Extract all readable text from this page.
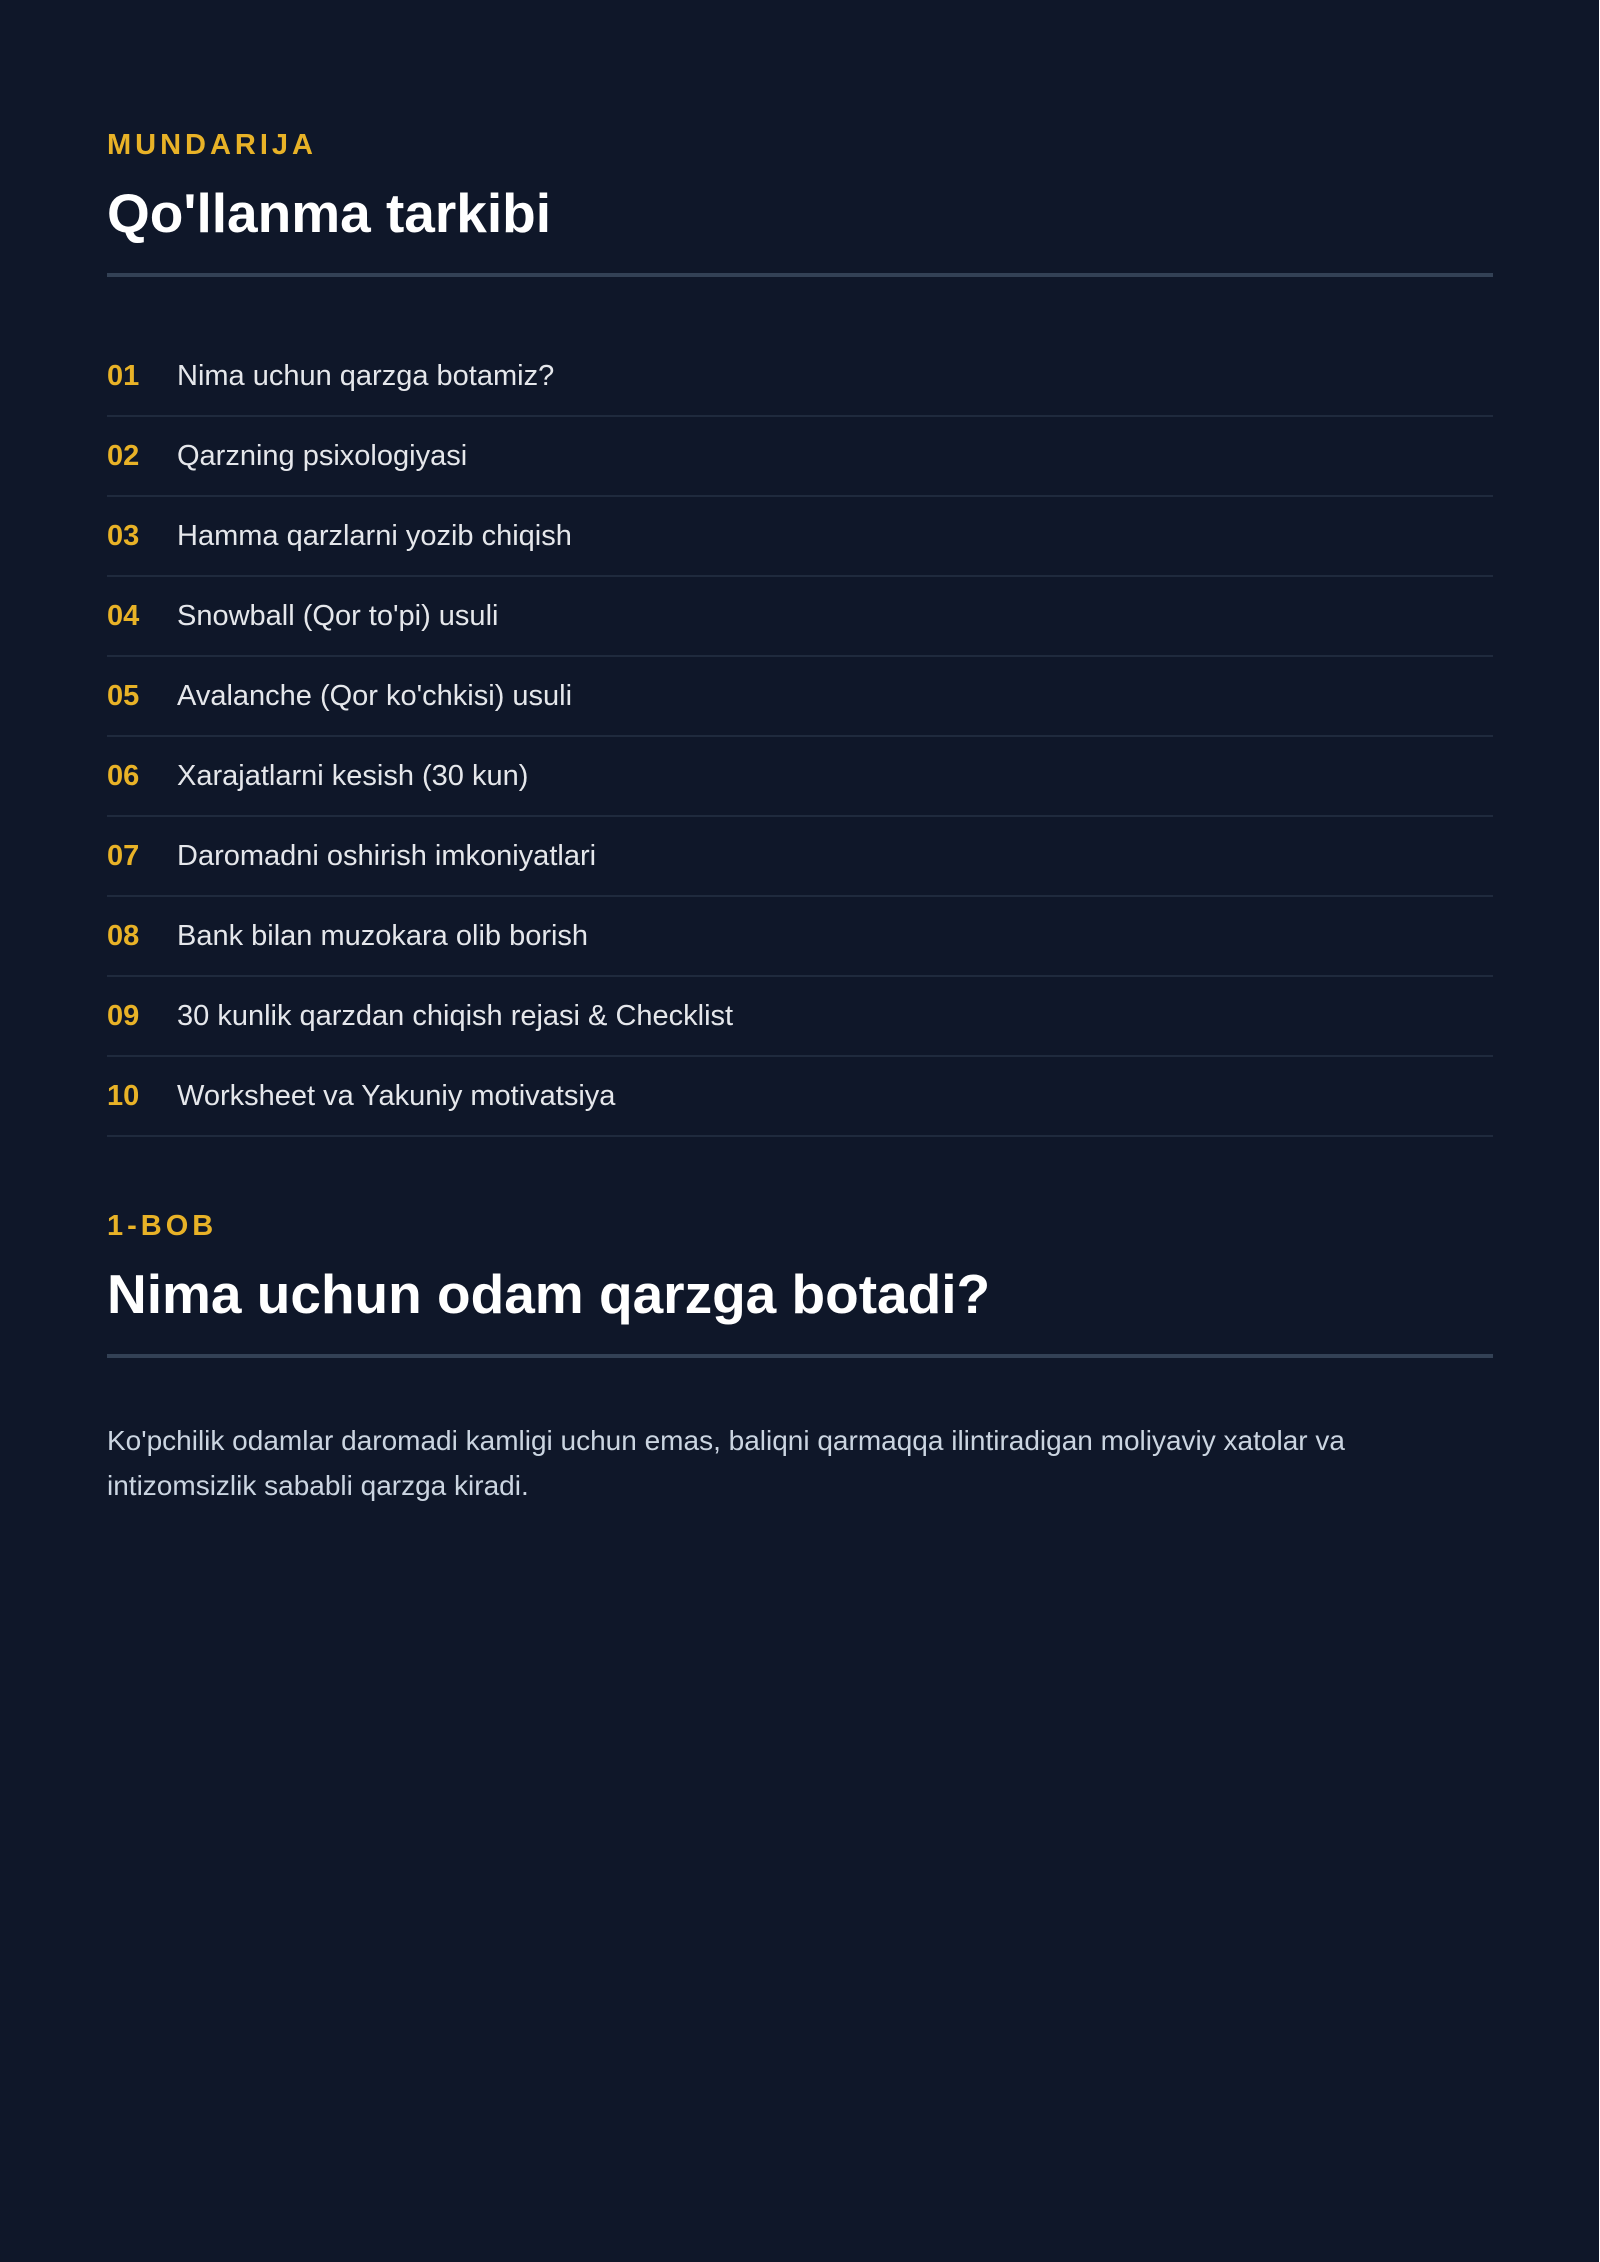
MUNDARIJA

Qo'llanma tarkibi
01	Nima uchun qarzga botamiz?
02	Qarzning psixologiyasi
03	Hamma qarzlarni yozib chiqish
04	Snowball (Qor to'pi) usuli
05	Avalanche (Qor ko'chkisi) usuli
06	Xarajatlarni kesish (30 kun)
07	Daromadni oshirish imkoniyatlari
08	Bank bilan muzokara olib borish
09	30 kunlik qarzdan chiqish rejasi & Checklist
10	Worksheet va Yakuniy motivatsiya

1-BOB

Nima uchun odam qarzga botadi?

Ko'pchilik odamlar daromadi kamligi uchun emas, baliqni qarmaqqa ilintiradigan moliyaviy xatolar va intizomsizlik sababli qarzga kiradi.
